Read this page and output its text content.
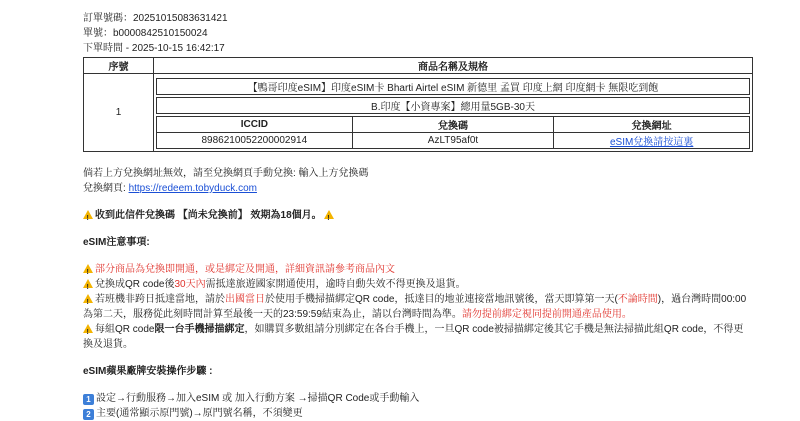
訂單號碼：20251015083631421
單號：b0000842510150024
下單時間 - 2025-10-15 16:42:17
序號	商品名稱及規格
1	
【鴨哥印度eSIM】印度eSIM卡 Bharti Airtel eSIM 新德里 孟買 印度上網 印度網卡 無限吃到飽
B.印度【小資專案】總用量5GB-30天
ICCID	兌換碼	兌換網址
8986210052200002914	AzLT95af0t	eSIM兌換請按這裏
倘若上方兌換網址無效，請至兌換網頁手動兌換: 輸入上方兌換碼
兌換網頁: https://redeem.tobyduck.com
!收到此信件兌換碼 【尚未兌換前】 效期為18個月。!
eSIM注意事項:
!部分商品為兌換即開通，或是綁定及開通，詳細資訊請參考商品內文
!兌換成QR code後30天內需抵達旅遊國家開通使用，逾時自動失效不得更換及退貨。
!若班機非跨日抵達當地，請於出國當日於使用手機掃描綁定QR code，抵達目的地並連接當地訊號後，當天即算第一天(不論時間)，過台灣時間00:00為第二天，服務從此刻時間計算至最後一天的23:59:59結束為止，請以台灣時間為準。請勿提前綁定視同提前開通產品使用。
!每組QR code限一台手機掃描綁定，如購買多數組請分別綁定在各台手機上，一旦QR code被掃描綁定後其它手機是無法掃描此組QR code，不得更換及退貨。
eSIM蘋果廠牌安裝操作步驟 :
1 設定→行動服務→加入eSIM 或 加入行動方案 →掃描QR Code或手動輸入
2 主要(通常顯示原門號)→原門號名稱，不須變更
